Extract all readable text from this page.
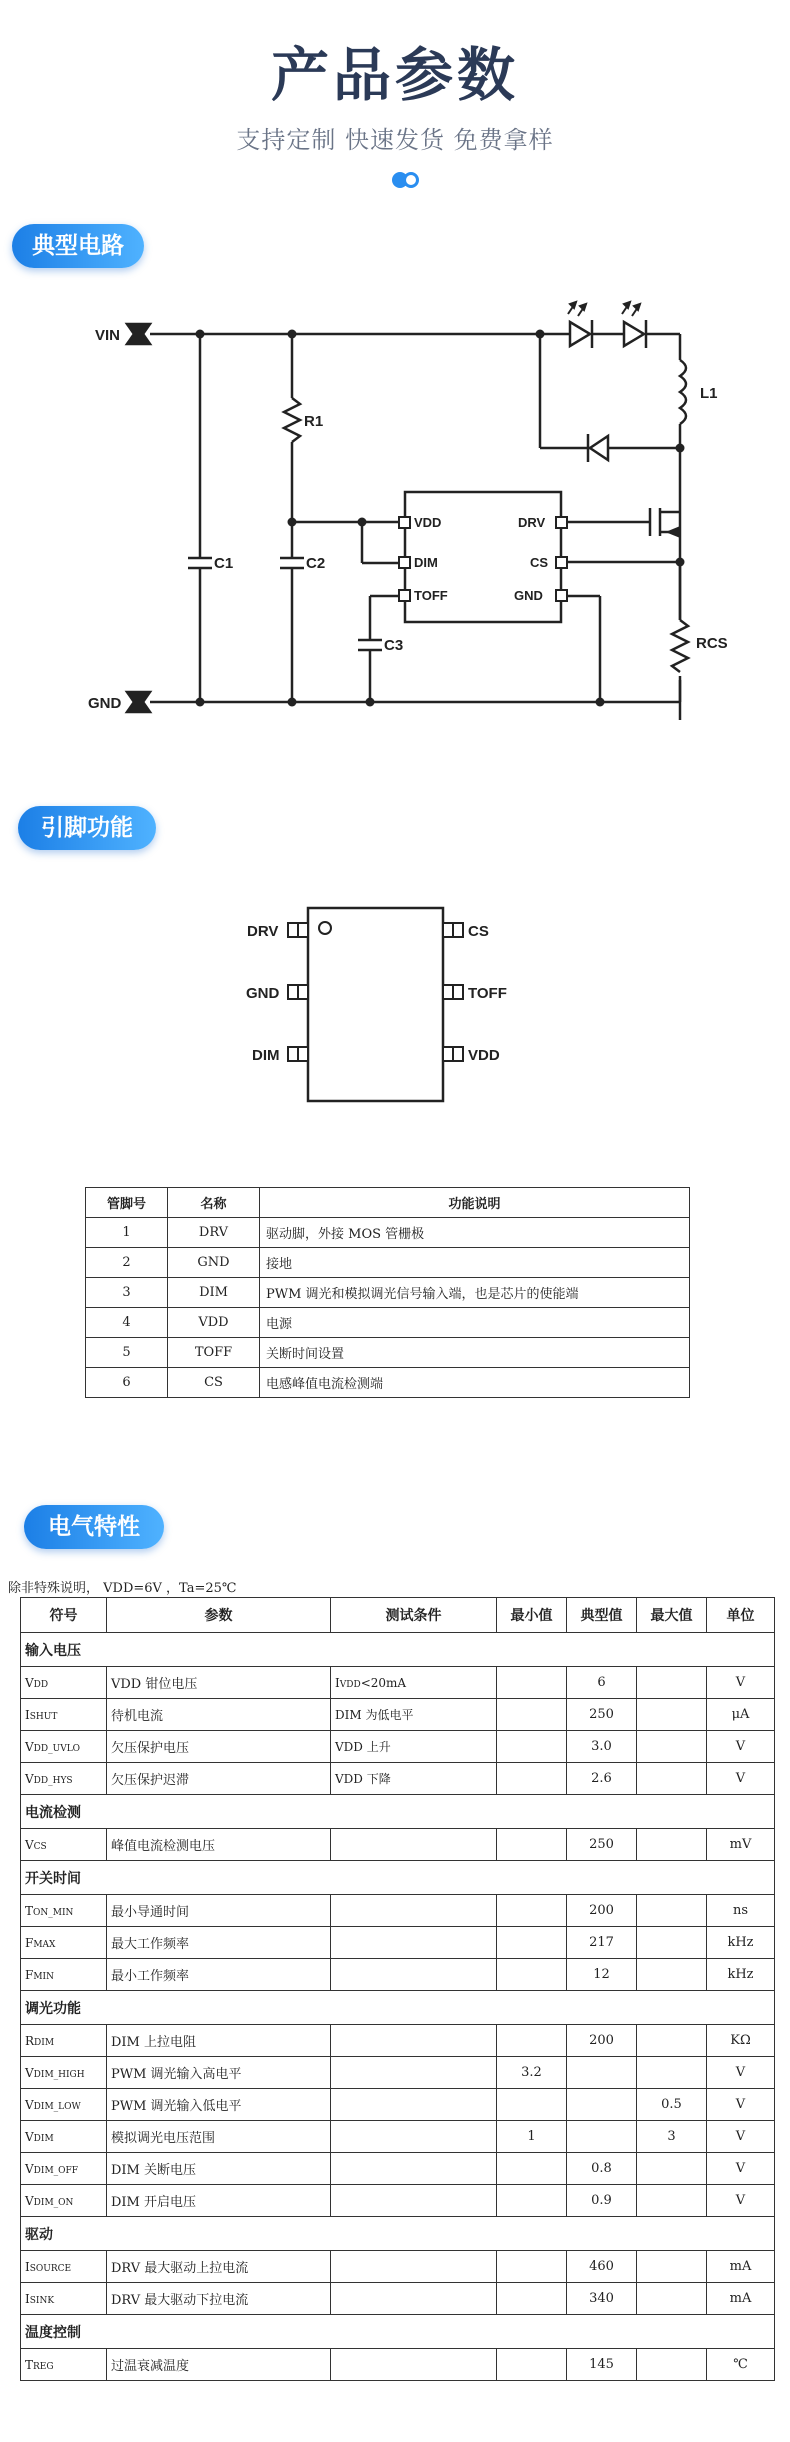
产品参数
支持定制 快速发货 免费拿样
典型电路
VIN
GND
R1
C1	C2
C3
L1
RCS
VDD
DIM
TOFF
DRV
CS
GND
引脚功能
DRV
GND
DIM
CS
TOFF
VDD
管脚号	名称	功能说明
1	DRV	驱动脚，外接 MOS 管栅极
2	GND	接地
3	DIM	PWM 调光和模拟调光信号输入端，也是芯片的使能端
4	VDD	电源
5	TOFF	关断时间设置
6	CS	电感峰值电流检测端
电气特性
除非特殊说明， VDD=6V ，Ta=25℃
符号	参数	测试条件	最小值	典型值	最大值	单位
输入电压						
VDD	VDD 钳位电压	IVDD<20mA		6		V
ISHUT	待机电流	DIM 为低电平		250		μA
VDD_UVLO	欠压保护电压	VDD 上升		3.0		V
VDD_HYS	欠压保护迟滞	VDD 下降		2.6		V
电流检测						
VCS	峰值电流检测电压			250		mV
开关时间						
TON_MIN	最小导通时间			200		ns
FMAX	最大工作频率			217		kHz
FMIN	最小工作频率			12		kHz
调光功能						
RDIM	DIM 上拉电阻			200		KΩ
VDIM_HIGH	PWM 调光输入高电平		3.2			V
VDIM_LOW	PWM 调光输入低电平				0.5	V
VDIM	模拟调光电压范围		1		3	V
VDIM_OFF	DIM 关断电压			0.8		V
VDIM_ON	DIM 开启电压			0.9		V
驱动						
ISOURCE	DRV 最大驱动上拉电流			460		mA
ISINK	DRV 最大驱动下拉电流			340		mA
温度控制						
TREG	过温衰减温度			145		℃
